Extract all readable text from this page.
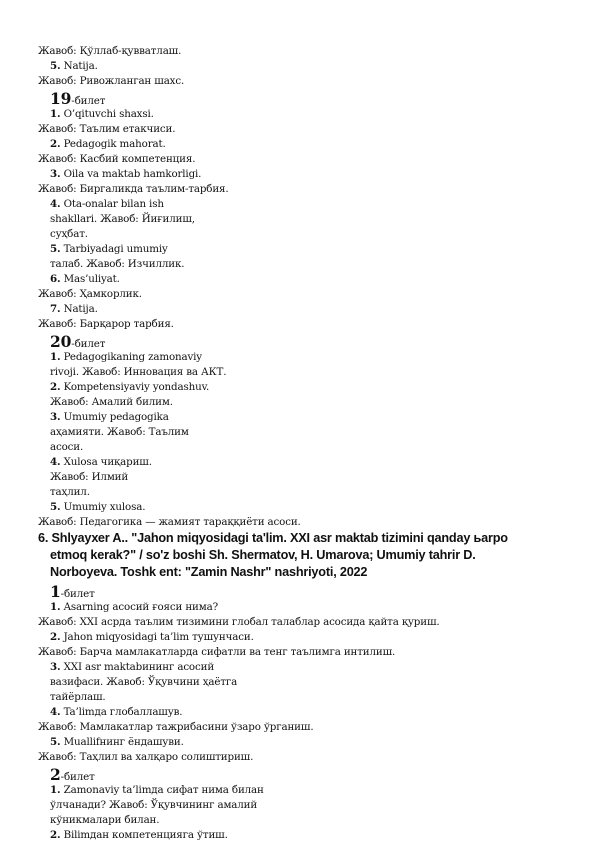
Жавоб: Қўллаб-қувватлаш.
5. Natija.
Жавоб: Ривожланган шахс.
19-билет
1. O’qituvchi shaxsi.
Жавоб: Таълим етакчиси.
2. Pedagogik mahorat.
Жавоб: Касбий компетенция.
3. Oila va maktab hamkorligi.
Жавоб: Биргаликда таълим-тарбия.
4. Ota-onalar bilan ish
shakllari. Жавоб: Йиғилиш,
суҳбат.
5. Tarbiyadagi umumiy
талаб. Жавоб: Изчиллик.
6. Mas’uliyat.
Жавоб: Ҳамкорлик.
7. Natija.
Жавоб: Барқарор тарбия.
20-билет
1. Pedagogikaning zamonaviy
rivoji. Жавоб: Инновация ва АКТ.
2. Kompetensiyaviy yondashuv.
Жавоб: Амалий билим.
3. Umumiy pedagogika
аҳамияти. Жавоб: Таълим
асоси.
4. Xulosa чиқариш.
Жавоб: Илмий
таҳлил.
5. Umumiy xulosa.
Жавоб: Педагогика — жамият тараққиёти асоси.
6. Shlyaухеr A.. "Jahon miqyosidagi ta'lim. XXI asr maktab tizimini qanday ьarpo
etmoq kerak?" / so'z boshi Sh. Shermatov, H. Umarova; Umumiy tahrir D.
Norboyeva. Toshk ent: "Zamin Nashr" nashriyoti, 2022
1-билет
1. Asarning асосий ғояси нима?
Жавоб: XXI асрда таълим тизимини глобал талаблар асосида қайта қуриш.
2. Jahon miqyosidagi ta’lim тушунчаси.
Жавоб: Барча мамлакатларда сифатли ва тенг таълимга интилиш.
3. XXI asr maktabининг асосий
вазифаси. Жавоб: Ўқувчини ҳаётга
тайёрлаш.
4. Ta’limда глобаллашув.
Жавоб: Мамлакатлар тажрибасини ўзаро ўрганиш.
5. Muallifнинг ёндашуви.
Жавоб: Таҳлил ва халқаро солиштириш.
2-билет
1. Zamonaviy ta’limда сифат нима билан
ўлчанади? Жавоб: Ўқувчининг амалий
кўникмалари билан.
2. Bilimдан компетенцияга ўтиш.
